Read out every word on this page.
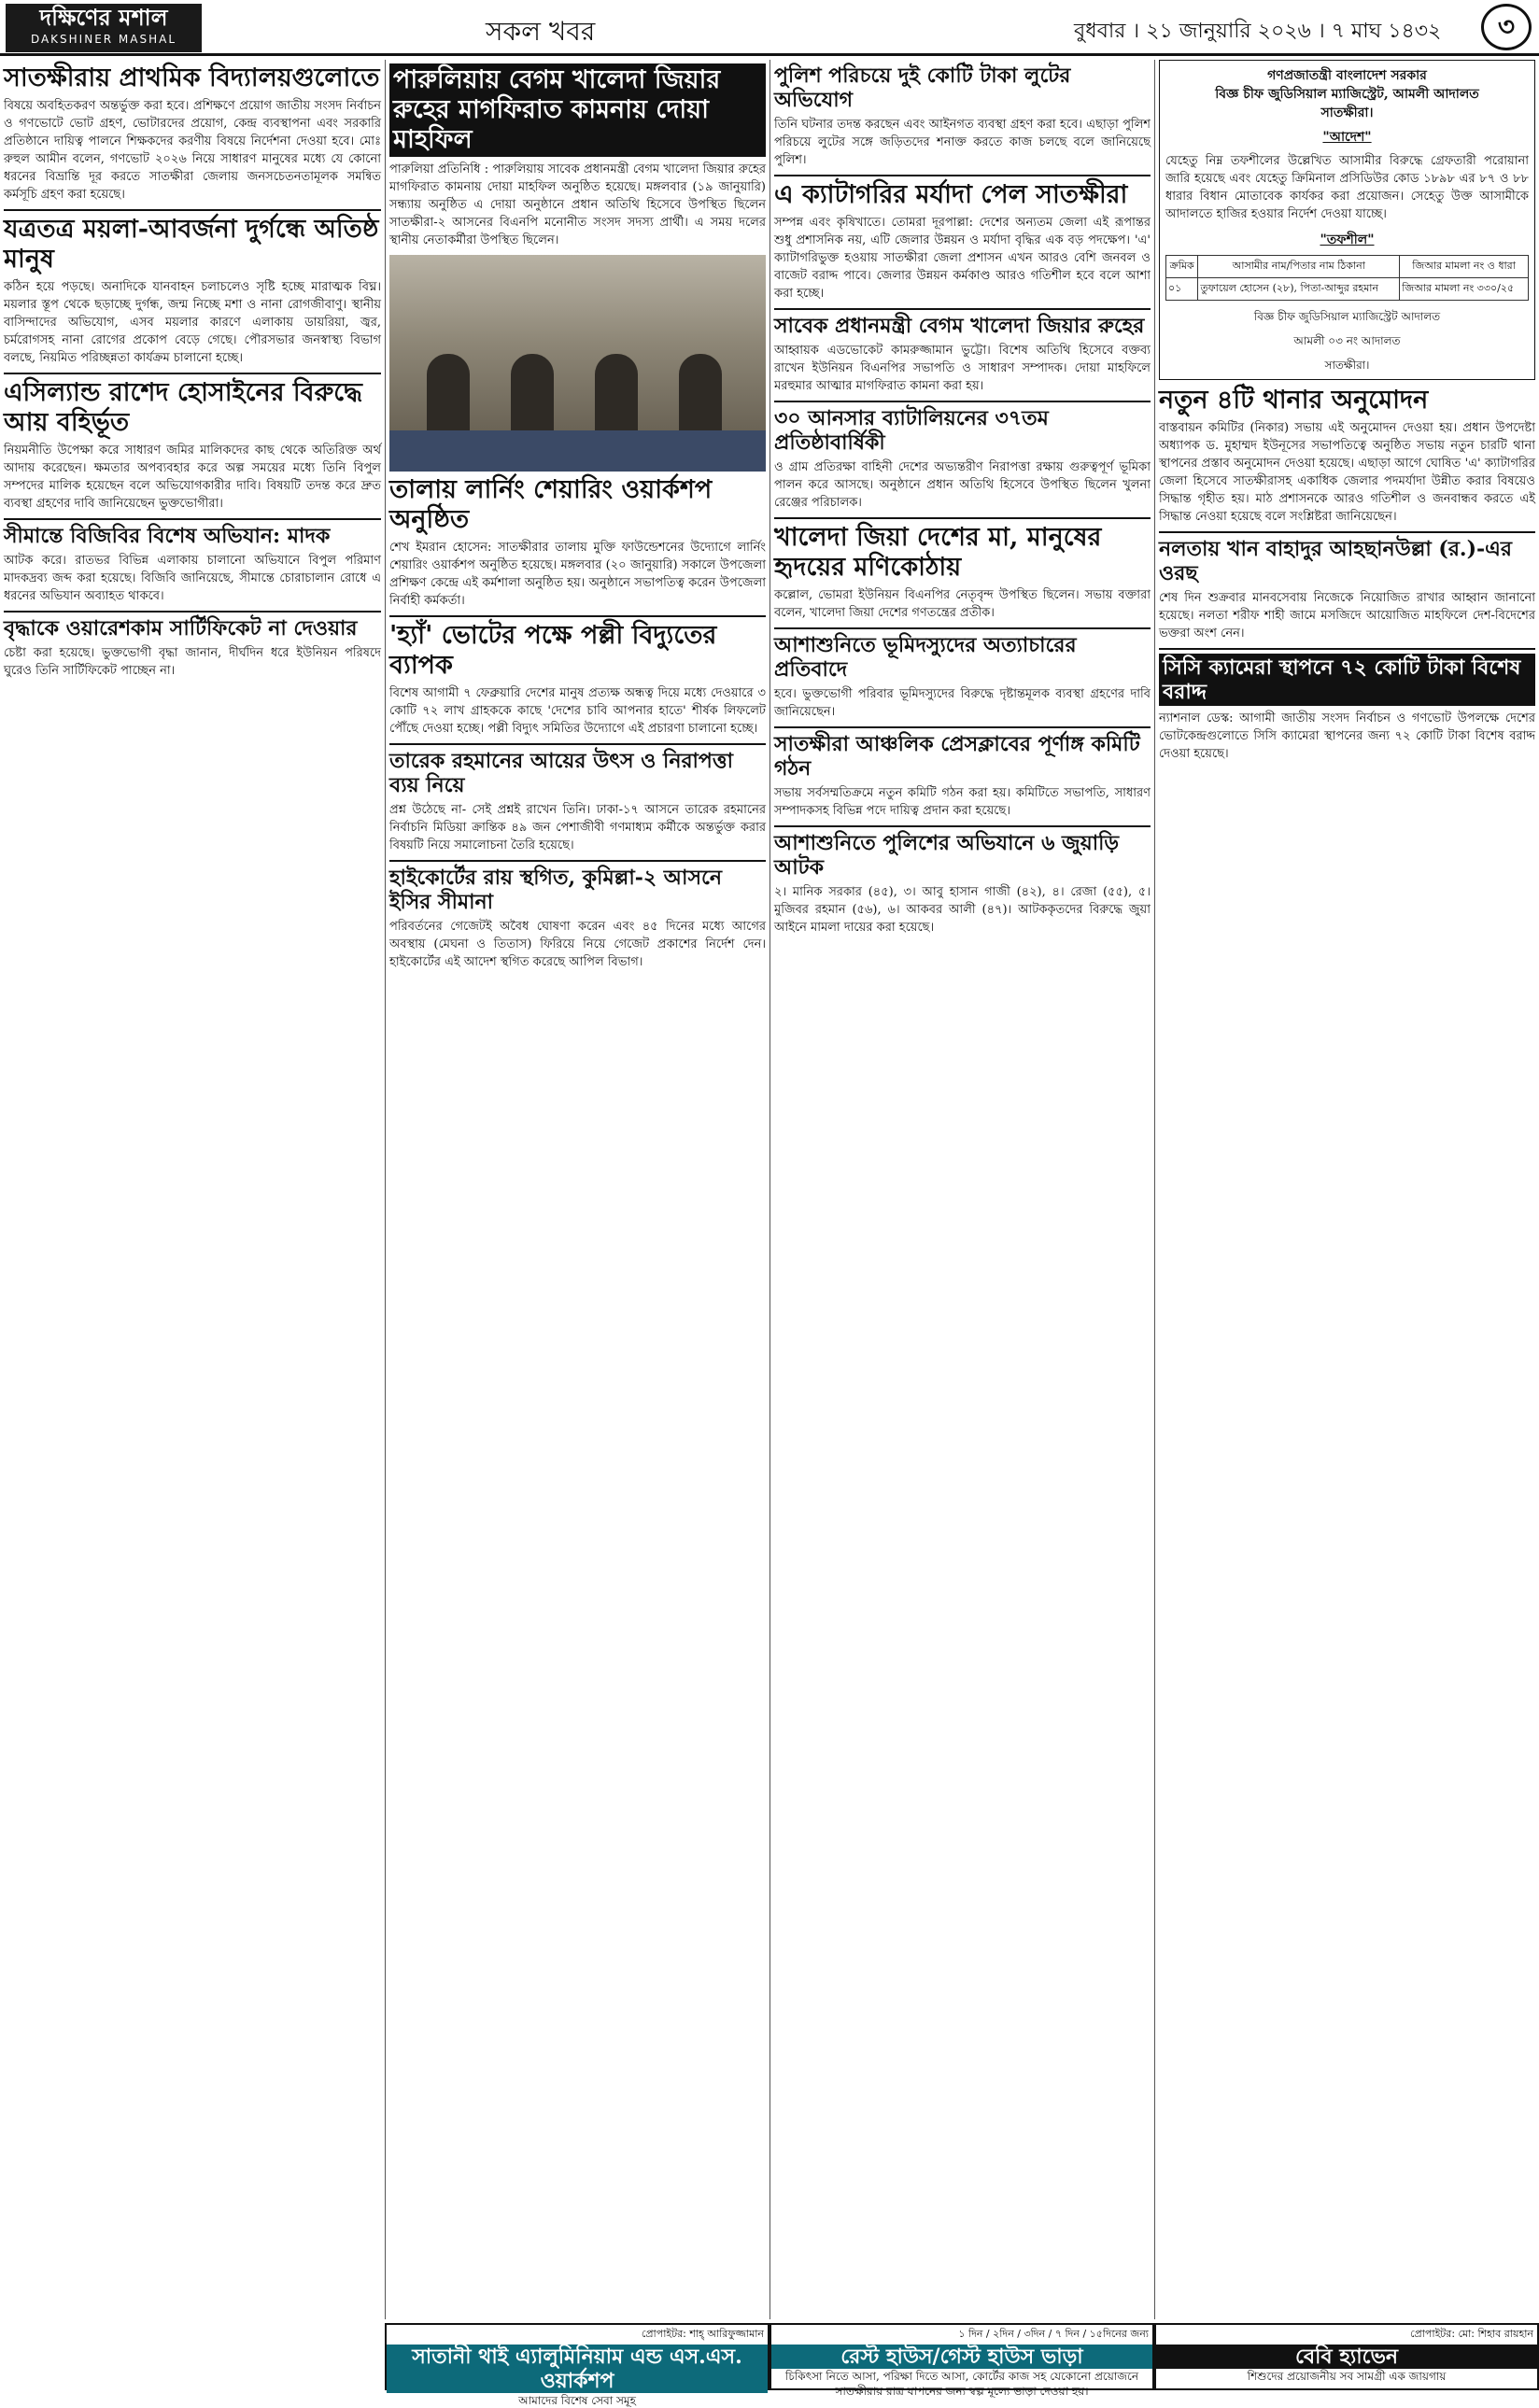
দক্ষিণের মশাল
DAKSHINER MASHAL	সকল খবর	বুধবার । ২১ জানুয়ারি ২০২৬ । ৭ মাঘ ১৪৩২	৩
সাতক্ষীরায় প্রাথমিক বিদ্যালয়গুলোতে
বিষয়ে অবহিতকরণ অন্তর্ভুক্ত করা হবে। প্রশিক্ষণে প্রয়োগ জাতীয় সংসদ নির্বাচন ও গণভোটে ভোট গ্রহণ, ভোটারদের প্রয়োগ, কেন্দ্র ব্যবস্থাপনা এবং সরকারি প্রতিষ্ঠানে দায়িত্ব পালনে শিক্ষকদের করণীয় বিষয়ে নির্দেশনা দেওয়া হবে। মোঃ রুহুল আমীন বলেন, গণভোট ২০২৬ নিয়ে সাধারণ মানুষের মধ্যে যে কোনো ধরনের বিভ্রান্তি দূর করতে সাতক্ষীরা জেলায় জনসচেতনতামূলক সমন্বিত কর্মসূচি গ্রহণ করা হয়েছে।
যত্রতত্র ময়লা-আবর্জনা দুর্গন্ধে অতিষ্ঠ মানুষ
কঠিন হয়ে পড়ছে। অনাদিকে যানবাহন চলাচলেও সৃষ্টি হচ্ছে মারাত্মক বিঘ্ন। ময়লার স্তূপ থেকে ছড়াচ্ছে দুর্গন্ধ, জন্ম নিচ্ছে মশা ও নানা রোগজীবাণু। স্থানীয় বাসিন্দাদের অভিযোগ, এসব ময়লার কারণে এলাকায় ডায়রিয়া, জ্বর, চর্মরোগসহ নানা রোগের প্রকোপ বেড়ে গেছে। পৌরসভার জনস্বাস্থ্য বিভাগ বলছে, নিয়মিত পরিচ্ছন্নতা কার্যক্রম চালানো হচ্ছে।
এসিল্যান্ড রাশেদ হোসাইনের বিরুদ্ধে আয় বহির্ভূত
নিয়মনীতি উপেক্ষা করে সাধারণ জমির মালিকদের কাছ থেকে অতিরিক্ত অর্থ আদায় করেছেন। ক্ষমতার অপব্যবহার করে অল্প সময়ের মধ্যে তিনি বিপুল সম্পদের মালিক হয়েছেন বলে অভিযোগকারীর দাবি। বিষয়টি তদন্ত করে দ্রুত ব্যবস্থা গ্রহণের দাবি জানিয়েছেন ভুক্তভোগীরা।
সীমান্তে বিজিবির বিশেষ অভিযান: মাদক
আটক করে। রাতভর বিভিন্ন এলাকায় চালানো অভিযানে বিপুল পরিমাণ মাদকদ্রব্য জব্দ করা হয়েছে। বিজিবি জানিয়েছে, সীমান্তে চোরাচালান রোধে এ ধরনের অভিযান অব্যাহত থাকবে।
বৃদ্ধাকে ওয়ারেশকাম সার্টিফিকেট না দেওয়ার
চেষ্টা করা হয়েছে। ভুক্তভোগী বৃদ্ধা জানান, দীর্ঘদিন ধরে ইউনিয়ন পরিষদে ঘুরেও তিনি সার্টিফিকেট পাচ্ছেন না।
পারুলিয়ায় বেগম খালেদা জিয়ার রুহের মাগফিরাত কামনায় দোয়া মাহফিল
পারুলিয়া প্রতিনিধি : পারুলিয়ায় সাবেক প্রধানমন্ত্রী বেগম খালেদা জিয়ার রুহের মাগফিরাত কামনায় দোয়া মাহফিল অনুষ্ঠিত হয়েছে। মঙ্গলবার (১৯ জানুয়ারি) সন্ধ্যায় অনুষ্ঠিত এ দোয়া অনুষ্ঠানে প্রধান অতিথি হিসেবে উপস্থিত ছিলেন সাতক্ষীরা-২ আসনের বিএনপি মনোনীত সংসদ সদস্য প্রার্থী। এ সময় দলের স্থানীয় নেতাকর্মীরা উপস্থিত ছিলেন।
তালায় লার্নিং শেয়ারিং ওয়ার্কশপ অনুষ্ঠিত
শেখ ইমরান হোসেন: সাতক্ষীরার তালায় মুক্তি ফাউন্ডেশনের উদ্যোগে লার্নিং শেয়ারিং ওয়ার্কশপ অনুষ্ঠিত হয়েছে। মঙ্গলবার (২০ জানুয়ারি) সকালে উপজেলা প্রশিক্ষণ কেন্দ্রে এই কর্মশালা অনুষ্ঠিত হয়। অনুষ্ঠানে সভাপতিত্ব করেন উপজেলা নির্বাহী কর্মকর্তা।
'হ্যাঁ' ভোটের পক্ষে পল্লী বিদ্যুতের ব্যাপক
বিশেষ আগামী ৭ ফেব্রুয়ারি দেশের মানুষ প্রত্যক্ষ অন্ধত্ব দিয়ে মধ্যে দেওয়ারে ৩ কোটি ৭২ লাখ গ্রাহককে কাছে 'দেশের চাবি আপনার হাতে' শীর্ষক লিফলেট পৌঁছে দেওয়া হচ্ছে। পল্লী বিদ্যুৎ সমিতির উদ্যোগে এই প্রচারণা চালানো হচ্ছে।
তারেক রহমানের আয়ের উৎস ও নিরাপত্তা ব্যয় নিয়ে
প্রশ্ন উঠেছে না- সেই প্রশ্নই রাখেন তিনি। ঢাকা-১৭ আসনে তারেক রহমানের নির্বাচনি মিডিয়া ক্রান্তিক ৪৯ জন পেশাজীবী গণমাধ্যম কর্মীকে অন্তর্ভুক্ত করার বিষয়টি নিয়ে সমালোচনা তৈরি হয়েছে।
হাইকোর্টের রায় স্থগিত, কুমিল্লা-২ আসনে ইসির সীমানা
পরিবর্তনের গেজেটই অবৈধ ঘোষণা করেন এবং ৪৫ দিনের মধ্যে আগের অবস্থায় (মেঘনা ও তিতাস) ফিরিয়ে নিয়ে গেজেট প্রকাশের নির্দেশ দেন। হাইকোর্টের এই আদেশ স্থগিত করেছে আপিল বিভাগ।
পুলিশ পরিচয়ে দুই কোটি টাকা লুটের অভিযোগ
তিনি ঘটনার তদন্ত করছেন এবং আইনগত ব্যবস্থা গ্রহণ করা হবে। এছাড়া পুলিশ পরিচয়ে লুটের সঙ্গে জড়িতদের শনাক্ত করতে কাজ চলছে বলে জানিয়েছে পুলিশ।
এ ক্যাটাগরির মর্যাদা পেল সাতক্ষীরা
সম্পন্ন এবং কৃষিখাতে। তোমরা দূরপাল্লা: দেশের অন্যতম জেলা এই রূপান্তর শুধু প্রশাসনিক নয়, এটি জেলার উন্নয়ন ও মর্যাদা বৃদ্ধির এক বড় পদক্ষেপ। 'এ' ক্যাটাগরিভুক্ত হওয়ায় সাতক্ষীরা জেলা প্রশাসন এখন আরও বেশি জনবল ও বাজেট বরাদ্দ পাবে। জেলার উন্নয়ন কর্মকাণ্ড আরও গতিশীল হবে বলে আশা করা হচ্ছে।
সাবেক প্রধানমন্ত্রী বেগম খালেদা জিয়ার রুহের
আহ্বায়ক এডভোকেট কামরুজ্জামান ভুট্টো। বিশেষ অতিথি হিসেবে বক্তব্য রাখেন ইউনিয়ন বিএনপির সভাপতি ও সাধারণ সম্পাদক। দোয়া মাহফিলে মরহুমার আত্মার মাগফিরাত কামনা করা হয়।
৩০ আনসার ব্যাটালিয়নের ৩৭তম প্রতিষ্ঠাবার্ষিকী
ও গ্রাম প্রতিরক্ষা বাহিনী দেশের অভ্যন্তরীণ নিরাপত্তা রক্ষায় গুরুত্বপূর্ণ ভূমিকা পালন করে আসছে। অনুষ্ঠানে প্রধান অতিথি হিসেবে উপস্থিত ছিলেন খুলনা রেঞ্জের পরিচালক।
খালেদা জিয়া দেশের মা, মানুষের হৃদয়ের মণিকোঠায়
কল্লোল, ভোমরা ইউনিয়ন বিএনপির নেতৃবৃন্দ উপস্থিত ছিলেন। সভায় বক্তারা বলেন, খালেদা জিয়া দেশের গণতন্ত্রের প্রতীক।
আশাশুনিতে ভূমিদস্যুদের অত্যাচারের প্রতিবাদে
হবে। ভুক্তভোগী পরিবার ভূমিদস্যুদের বিরুদ্ধে দৃষ্টান্তমূলক ব্যবস্থা গ্রহণের দাবি জানিয়েছেন।
সাতক্ষীরা আঞ্চলিক প্রেসক্লাবের পূর্ণাঙ্গ কমিটি গঠন
সভায় সর্বসম্মতিক্রমে নতুন কমিটি গঠন করা হয়। কমিটিতে সভাপতি, সাধারণ সম্পাদকসহ বিভিন্ন পদে দায়িত্ব প্রদান করা হয়েছে।
আশাশুনিতে পুলিশের অভিযানে ৬ জুয়াড়ি আটক
২। মানিক সরকার (৪৫), ৩। আবু হাসান গাজী (৪২), ৪। রেজা (৫৫), ৫। মুজিবর রহমান (৫৬), ৬। আকবর আলী (৪৭)। আটককৃতদের বিরুদ্ধে জুয়া আইনে মামলা দায়ের করা হয়েছে।
গণপ্রজাতন্ত্রী বাংলাদেশ সরকার
বিজ্ঞ চীফ জুডিসিয়াল ম্যাজিস্ট্রেট, আমলী আদালত
সাতক্ষীরা।
"আদেশ"
যেহেতু নিম্ন তফশীলের উল্লেখিত আসামীর বিরুদ্ধে গ্রেফতারী পরোয়ানা জারি হয়েছে এবং যেহেতু ক্রিমিনাল প্রসিডিউর কোড ১৮৯৮ এর ৮৭ ও ৮৮ ধারার বিধান মোতাবেক কার্যকর করা প্রয়োজন। সেহেতু উক্ত আসামীকে আদালতে হাজির হওয়ার নির্দেশ দেওয়া যাচ্ছে।
"তফশীল"
ক্রমিক	আসামীর নাম/পিতার নাম ঠিকানা	জিআর মামলা নং ও ধারা
০১	তুফায়েল হোসেন (২৮), পিতা-আব্দুর রহমান	জিআর মামলা নং ৩৩০/২৫
বিজ্ঞ চীফ জুডিসিয়াল ম্যাজিস্ট্রেট আদালত
আমলী ০৩ নং আদালত
সাতক্ষীরা।
নতুন ৪টি থানার অনুমোদন
বাস্তবায়ন কমিটির (নিকার) সভায় এই অনুমোদন দেওয়া হয়। প্রধান উপদেষ্টা অধ্যাপক ড. মুহাম্মদ ইউনূসের সভাপতিত্বে অনুষ্ঠিত সভায় নতুন চারটি থানা স্থাপনের প্রস্তাব অনুমোদন দেওয়া হয়েছে। এছাড়া আগে ঘোষিত 'এ' ক্যাটাগরির জেলা হিসেবে সাতক্ষীরাসহ একাধিক জেলার পদমর্যাদা উন্নীত করার বিষয়েও সিদ্ধান্ত গৃহীত হয়। মাঠ প্রশাসনকে আরও গতিশীল ও জনবান্ধব করতে এই সিদ্ধান্ত নেওয়া হয়েছে বলে সংশ্লিষ্টরা জানিয়েছেন।
নলতায় খান বাহাদুর আহছানউল্লা (র.)-এর ওরছ
শেষ দিন শুক্রবার মানবসেবায় নিজেকে নিয়োজিত রাখার আহ্বান জানানো হয়েছে। নলতা শরীফ শাহী জামে মসজিদে আয়োজিত মাহফিলে দেশ-বিদেশের ভক্তরা অংশ নেন।
সিসি ক্যামেরা স্থাপনে ৭২ কোটি টাকা বিশেষ বরাদ্দ
ন্যাশনাল ডেস্ক: আগামী জাতীয় সংসদ নির্বাচন ও গণভোট উপলক্ষে দেশের ভোটকেন্দ্রগুলোতে সিসি ক্যামেরা স্থাপনের জন্য ৭২ কোটি টাকা বিশেষ বরাদ্দ দেওয়া হয়েছে।
প্রোপাইটর: শাহ্ আরিফুজ্জামান
সাতানী থাই এ্যালুমিনিয়াম এন্ড এস.এস. ওয়ার্কশপ
আমাদের বিশেষ সেবা সমূহ
১ দিন / ২দিন / ৩দিন / ৭ দিন / ১৫দিনের জন্য
রেস্ট হাউস/গেস্ট হাউস ভাড়া
চিকিৎসা নিতে আসা, পরিক্ষা দিতে আসা, কোর্টের কাজ সহ যেকোনো প্রয়োজনে সাতক্ষীরায় রাত্র যাপনের জন্য স্বল্প মূল্যে ভাড়া দেওয়া হয়।
প্রোপাইটর: মো: শিহাব রায়হান
বেবি হ্যাভেন
শিশুদের প্রয়োজনীয় সব সামগ্রী এক জায়গায়
